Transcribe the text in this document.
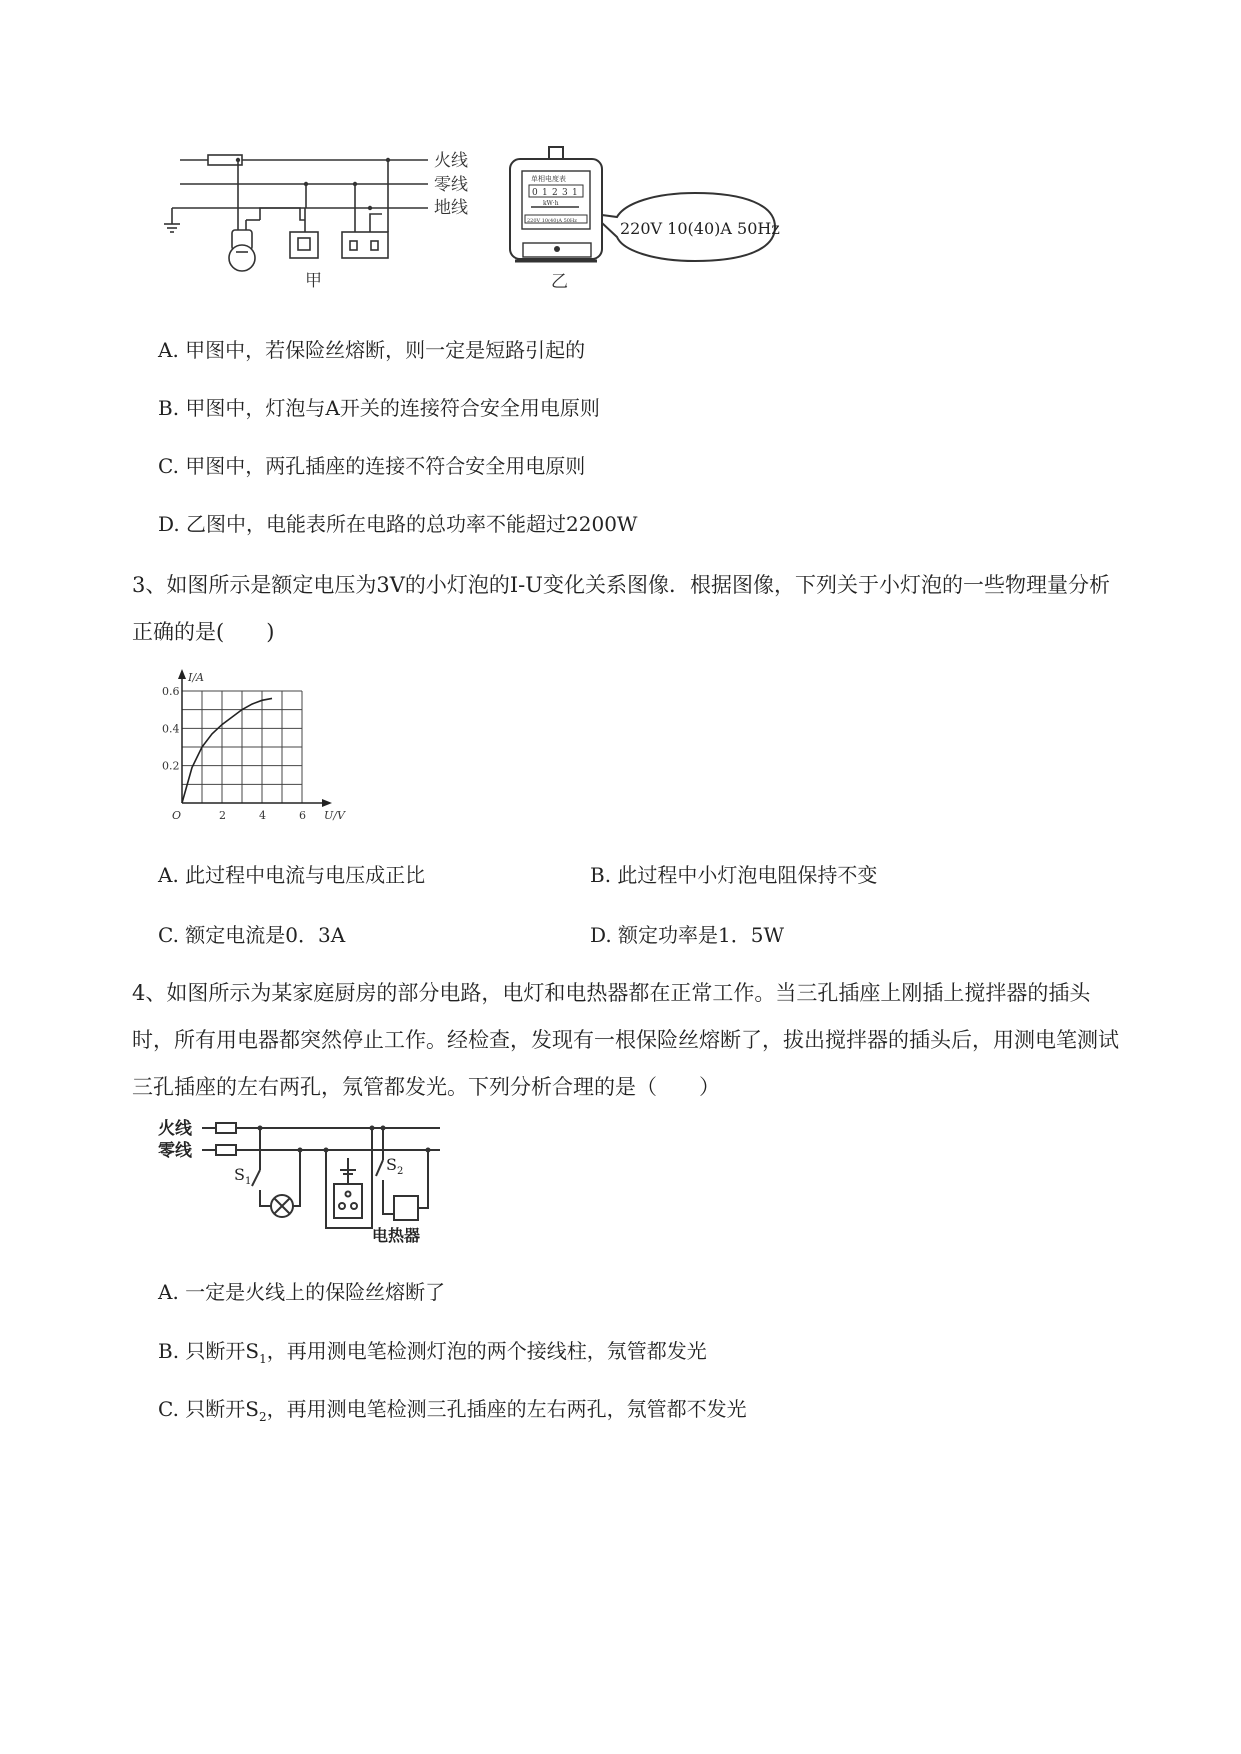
火线
零线
地线
甲
单相电度表
0 1 2 3 1
kW·h
220V 10(40)A 50Hz	220V 10(40)A 50Hz
乙
A. 甲图中，若保险丝熔断，则一定是短路引起的
B. 甲图中，灯泡与A开关的连接符合安全用电原则
C. 甲图中，两孔插座的连接不符合安全用电原则
D. 乙图中，电能表所在电路的总功率不能超过2200W
3、如图所示是额定电压为3V的小灯泡的I-U变化关系图像．根据图像，下列关于小灯泡的一些物理量分析正确的是(　　)
2	4	6
0.2
0.4
0.6
O	U/V
I/A
A. 此过程中电流与电压成正比	B. 此过程中小灯泡电阻保持不变
C. 额定电流是0．3A	D. 额定功率是1．5W
4、如图所示为某家庭厨房的部分电路，电灯和电热器都在正常工作。当三孔插座上刚插上搅拌器的插头时，所有用电器都突然停止工作。经检查，发现有一根保险丝熔断了，拔出搅拌器的插头后，用测电笔测试三孔插座的左右两孔，氖管都发光。下列分析合理的是（　　）
火线
零线
$S_1$
$S_2$
电热器
A. 一定是火线上的保险丝熔断了
B. 只断开$S_1$，再用测电笔检测灯泡的两个接线柱，氖管都发光
C. 只断开$S_2$，再用测电笔检测三孔插座的左右两孔，氖管都不发光
